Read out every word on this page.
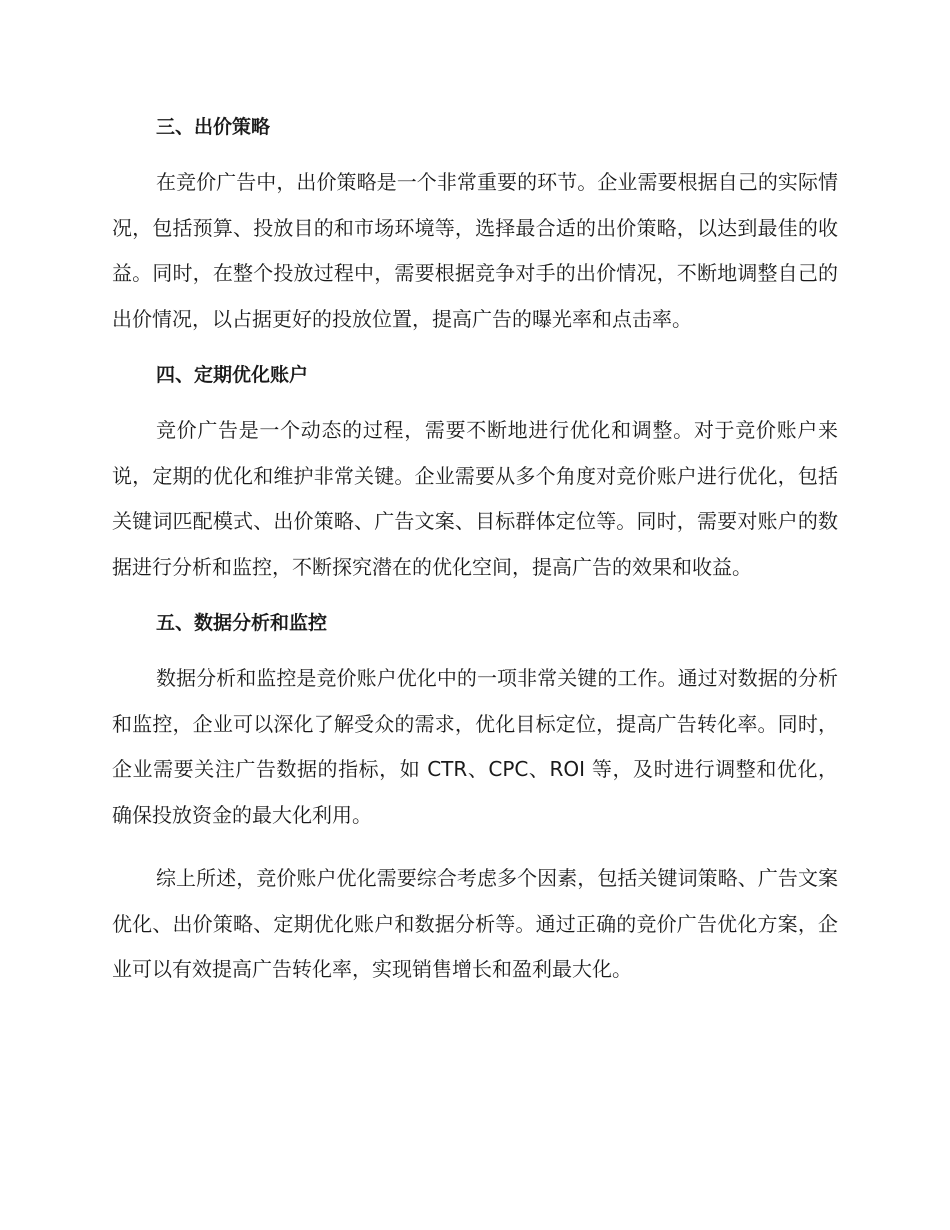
三、出价策略

在竞价广告中，出价策略是一个非常重要的环节。企业需要根据自己的实际情况，包括预算、投放目的和市场环境等，选择最合适的出价策略，以达到最佳的收益。同时，在整个投放过程中，需要根据竞争对手的出价情况，不断地调整自己的出价情况，以占据更好的投放位置，提高广告的曝光率和点击率。

四、定期优化账户

竞价广告是一个动态的过程，需要不断地进行优化和调整。对于竞价账户来说，定期的优化和维护非常关键。企业需要从多个角度对竞价账户进行优化，包括关键词匹配模式、出价策略、广告文案、目标群体定位等。同时，需要对账户的数据进行分析和监控，不断探究潜在的优化空间，提高广告的效果和收益。

五、数据分析和监控

数据分析和监控是竞价账户优化中的一项非常关键的工作。通过对数据的分析和监控，企业可以深化了解受众的需求，优化目标定位，提高广告转化率。同时，企业需要关注广告数据的指标，如 CTR、CPC、ROI 等，及时进行调整和优化，确保投放资金的最大化利用。

综上所述，竞价账户优化需要综合考虑多个因素，包括关键词策略、广告文案优化、出价策略、定期优化账户和数据分析等。通过正确的竞价广告优化方案，企业可以有效提高广告转化率，实现销售增长和盈利最大化。
